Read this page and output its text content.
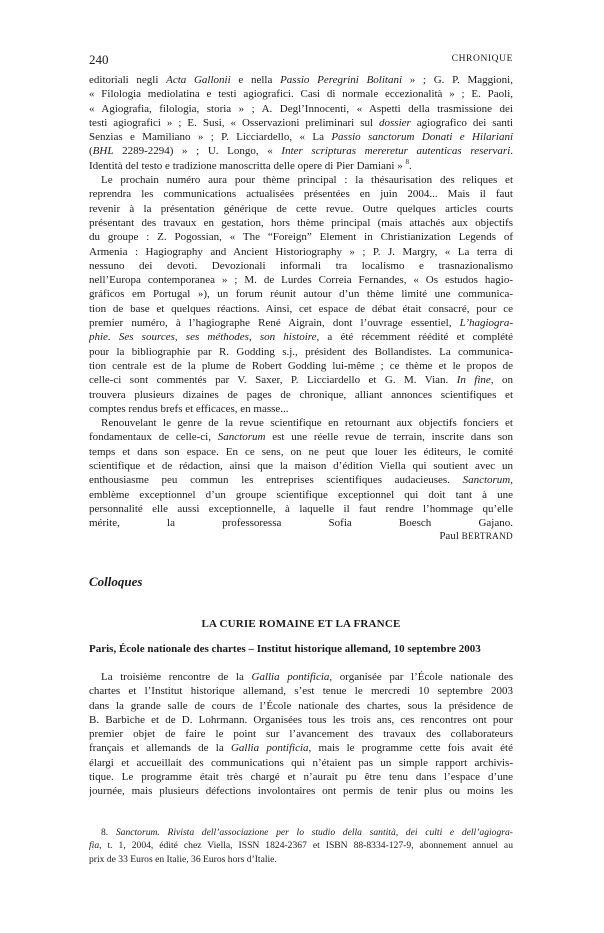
240	CHRONIQUE
editoriali negli Acta Gallonii e nella Passio Peregrini Bolitani » ; G. P. Maggioni,
« Filologia mediolatina e testi agiografici. Casi di normale eccezionalità » ; E. Paoli,
« Agiografia, filologia, storia » ; A. Degl’Innocenti, « Aspetti della trasmissione dei
testi agiografici » ; E. Susi, « Osservazioni preliminari sul dossier agiografico dei santi
Senzias e Mamiliano » ; P. Licciardello, « La Passio sanctorum Donati e Hilariani
(BHL 2289-2294) » ; U. Longo, « Inter scripturas mereretur autenticas reservari.
Identità del testo e tradizione manoscritta delle opere di Pier Damiani » $^8$.
Le prochain numéro aura pour thème principal : la thésaurisation des reliques et
reprendra les communications actualisées présentées en juin 2004... Mais il faut
revenir à la présentation générique de cette revue. Outre quelques articles courts
présentant des travaux en gestation, hors thème principal (mais attachés aux objectifs
du groupe : Z. Pogossian, « The “Foreign” Element in Christianization Legends of
Armenia : Hagiography and Ancient Historiography » ; P. J. Margry, « La terra di
nessuno dei devoti. Devozionali informali tra localismo e trasnazionalismo
nell’Europa contemporanea » ; M. de Lurdes Correia Fernandes, « Os estudos hagio-
gráficos em Portugal »), un forum réunit autour d’un thème limité une communica-
tion de base et quelques réactions. Ainsi, cet espace de débat était consacré, pour ce
premier numéro, à l’hagiographe René Aigrain, dont l’ouvrage essentiel, L’hagiogra-
phie. Ses sources, ses méthodes, son histoire, a été récemment réédité et complété
pour la bibliographie par R. Godding s.j., président des Bollandistes. La communica-
tion centrale est de la plume de Robert Godding lui-même ; ce thème et le propos de
celle-ci sont commentés par V. Saxer, P. Licciardello et G. M. Vian. In fine, on
trouvera plusieurs dizaines de pages de chronique, alliant annonces scientifiques et
comptes rendus brefs et efficaces, en masse...
Renouvelant le genre de la revue scientifique en retournant aux objectifs fonciers et
fondamentaux de celle-ci, Sanctorum est une réelle revue de terrain, inscrite dans son
temps et dans son espace. En ce sens, on ne peut que louer les éditeurs, le comité
scientifique et de rédaction, ainsi que la maison d’édition Viella qui soutient avec un
enthousiasme peu commun les entreprises scientifiques audacieuses. Sanctorum,
emblème exceptionnel d’un groupe scientifique exceptionnel qui doit tant à une
personnalité elle aussi exceptionnelle, à laquelle il faut rendre l’hommage qu’elle
mérite, la professoressa Sofia Boesch Gajano.
Paul BERTRAND
Colloques
LA CURIE ROMAINE ET LA FRANCE
Paris, École nationale des chartes – Institut historique allemand, 10 septembre 2003
La troisième rencontre de la Gallia pontificia, organisée par l’École nationale des
chartes et l’Institut historique allemand, s’est tenue le mercredi 10 septembre 2003
dans la grande salle de cours de l’École nationale des chartes, sous la présidence de
B. Barbiche et de D. Lohrmann. Organisées tous les trois ans, ces rencontres ont pour
premier objet de faire le point sur l’avancement des travaux des collaborateurs
français et allemands de la Gallia pontificia, mais le programme cette fois avait été
élargi et accueillait des communications qui n’étaient pas un simple rapport archivis-
tique. Le programme était très chargé et n’aurait pu être tenu dans l’espace d’une
journée, mais plusieurs défections involontaires ont permis de tenir plus ou moins les
8. Sanctorum. Rivista dell’associazione per lo studio della santità, dei culti e dell’agiogra-
fia, t. 1, 2004, édité chez Viella, ISSN 1824-2367 et ISBN 88-8334-127-9, abonnement annuel au
prix de 33 Euros en Italie, 36 Euros hors d’Italie.
